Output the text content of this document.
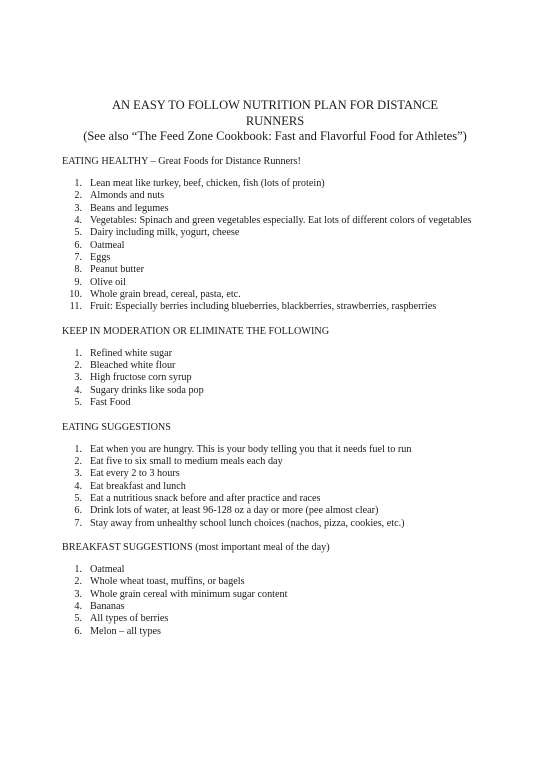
AN EASY TO FOLLOW NUTRITION PLAN FOR DISTANCE
RUNNERS
(See also “The Feed Zone Cookbook: Fast and Flavorful Food for Athletes”)
EATING HEALTHY – Great Foods for Distance Runners!
1. Lean meat like turkey, beef, chicken, fish (lots of protein)
2. Almonds and nuts
3. Beans and legumes
4. Vegetables: Spinach and green vegetables especially. Eat lots of different colors of vegetables
5. Dairy including milk, yogurt, cheese
6. Oatmeal
7. Eggs
8. Peanut butter
9. Olive oil
10. Whole grain bread, cereal, pasta, etc.
11. Fruit: Especially berries including blueberries, blackberries, strawberries, raspberries
KEEP IN MODERATION OR ELIMINATE THE FOLLOWING
1. Refined white sugar
2. Bleached white flour
3. High fructose corn syrup
4. Sugary drinks like soda pop
5. Fast Food
EATING SUGGESTIONS
1. Eat when you are hungry. This is your body telling you that it needs fuel to run
2. Eat five to six small to medium meals each day
3. Eat every 2 to 3 hours
4. Eat breakfast and lunch
5. Eat a nutritious snack before and after practice and races
6. Drink lots of water, at least 96-128 oz a day or more (pee almost clear)
7. Stay away from unhealthy school lunch choices (nachos, pizza, cookies, etc.)
BREAKFAST SUGGESTIONS (most important meal of the day)
1. Oatmeal
2. Whole wheat toast, muffins, or bagels
3. Whole grain cereal with minimum sugar content
4. Bananas
5. All types of berries
6. Melon – all types
